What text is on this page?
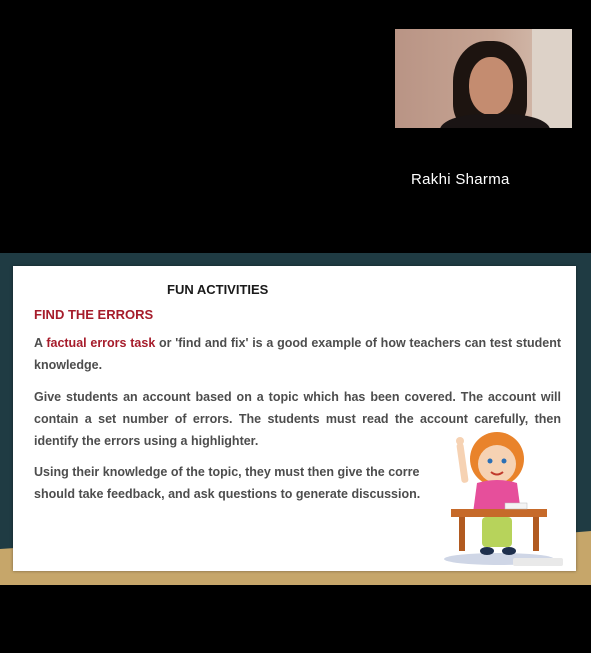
Rakhi Sharma
FUN ACTIVITIES
FIND THE ERRORS

A factual errors task or 'find and fix' is a good example of how teachers can test student knowledge.

Give students an account based on a topic which has been covered. The account will contain a set number of errors. The students must read the account carefully, then identify the errors using a highlighter.

Using their knowledge of the topic, they must then give the corre should take feedback, and ask questions to generate discussion.
